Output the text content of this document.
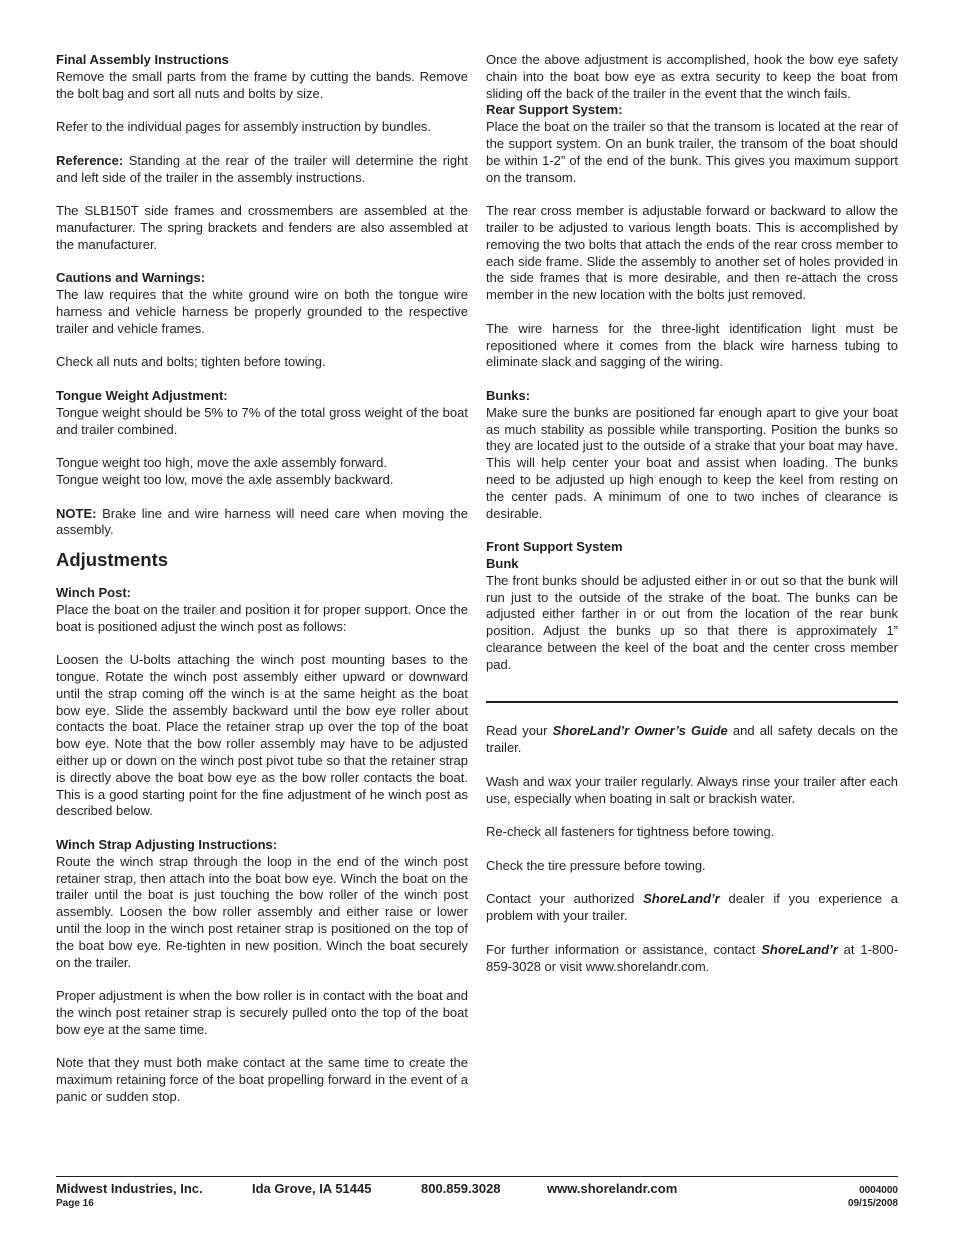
Final Assembly Instructions

Remove the small parts from the frame by cutting the bands. Remove the bolt bag and sort all nuts and bolts by size.

Refer to the individual pages for assembly instruction by bundles.

Reference: Standing at the rear of the trailer will determine the right and left side of the trailer in the assembly instructions.

The SLB150T side frames and crossmembers are assembled at the manufacturer. The spring brackets and fenders are also assembled at the manufacturer.

Cautions and Warnings:

The law requires that the white ground wire on both the tongue wire harness and vehicle harness be properly grounded to the respective trailer and vehicle frames.

Check all nuts and bolts; tighten before towing.

Tongue Weight Adjustment:

Tongue weight should be 5% to 7% of the total gross weight of the boat and trailer combined.

Tongue weight too high, move the axle assembly forward.

Tongue weight too low, move the axle assembly backward.

NOTE: Brake line and wire harness will need care when moving the assembly.

Adjustments

Winch Post:

Place the boat on the trailer and position it for proper support. Once the boat is positioned adjust the winch post as follows:

Loosen the U-bolts attaching the winch post mounting bases to the tongue. Rotate the winch post assembly either upward or downward until the strap coming off the winch is at the same height as the boat bow eye. Slide the assembly backward until the bow eye roller about contacts the boat. Place the retainer strap up over the top of the boat bow eye. Note that the bow roller assembly may have to be adjusted either up or down on the winch post pivot tube so that the retainer strap is directly above the boat bow eye as the bow roller contacts the boat. This is a good starting point for the fine adjustment of he winch post as described below.

Winch Strap Adjusting Instructions:

Route the winch strap through the loop in the end of the winch post retainer strap, then attach into the boat bow eye. Winch the boat on the trailer until the boat is just touching the bow roller of the winch post assembly. Loosen the bow roller assembly and either raise or lower until the loop in the winch post retainer strap is positioned on the top of the boat bow eye. Re-tighten in new position. Winch the boat securely on the trailer.

Proper adjustment is when the bow roller is in contact with the boat and the winch post retainer strap is securely pulled onto the top of the boat bow eye at the same time.

Note that they must both make contact at the same time to create the maximum retaining force of the boat propelling forward in the event of a panic or sudden stop.

Once the above adjustment is accomplished, hook the bow eye safety chain into the boat bow eye as extra security to keep the boat from sliding off the back of the trailer in the event that the winch fails.

Rear Support System:

Place the boat on the trailer so that the transom is located at the rear of the support system. On an bunk trailer, the transom of the boat should be within 1-2” of the end of the bunk. This gives you maximum support on the transom.

The rear cross member is adjustable forward or backward to allow the trailer to be adjusted to various length boats. This is accomplished by removing the two bolts that attach the ends of the rear cross member to each side frame. Slide the assembly to another set of holes provided in the side frames that is more desirable, and then re-attach the cross member in the new location with the bolts just removed.

The wire harness for the three-light identification light must be repositioned where it comes from the black wire harness tubing to eliminate slack and sagging of the wiring.

Bunks:

Make sure the bunks are positioned far enough apart to give your boat as much stability as possible while transporting. Position the bunks so they are located just to the outside of a strake that your boat may have. This will help center your boat and assist when loading. The bunks need to be adjusted up high enough to keep the keel from resting on the center pads. A minimum of one to two inches of clearance is desirable.

Front Support System

Bunk

The front bunks should be adjusted either in or out so that the bunk will run just to the outside of the strake of the boat. The bunks can be adjusted either farther in or out from the location of the rear bunk position. Adjust the bunks up so that there is approximately 1” clearance between the keel of the boat and the center cross member pad.

Read your ShoreLand’r Owner’s Guide and all safety decals on the trailer.

Wash and wax your trailer regularly. Always rinse your trailer after each use, especially when boating in salt or brackish water.

Re-check all fasteners for tightness before towing.

Check the tire pressure before towing.

Contact your authorized ShoreLand’r dealer if you experience a problem with your trailer.

For further information or assistance, contact ShoreLand’r at 1-800-859-3028 or visit www.shorelandr.com.

Midwest Industries, Inc.	Ida Grove, IA 51445	800.859.3028	www.shorelandr.com
Page 16
0004000
09/15/2008
